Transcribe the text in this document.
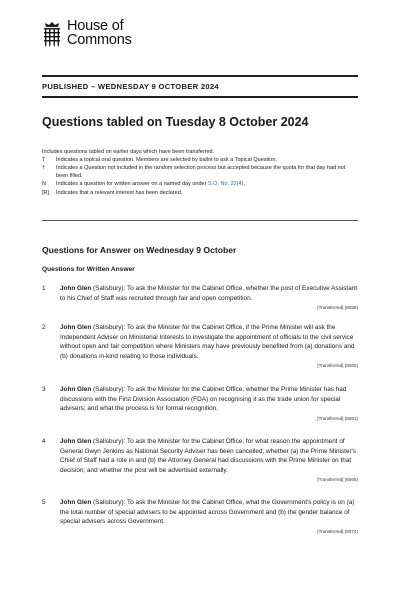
House of
Commons
PUBLISHED – WEDNESDAY 9 OCTOBER 2024
Questions tabled on Tuesday 8 October 2024
Includes questions tabled on earlier days which have been transferred.
T	Indicates a topical oral question. Members are selected by ballot to ask a Topical Question.
†	Indicates a Question not included in the random selection process but accepted because the quota for that day had not been filled.
N	Indicates a question for written answer on a named day under S.O. No. 22(4).
[R]	Indicates that a relevant interest has been declared.
Questions for Answer on Wednesday 9 October
Questions for Written Answer
1	John Glen (Salisbury): To ask the Minister for the Cabinet Office, whether the post of Executive Assistant to his Chief of Staff was recruited through fair and open competition.
[Transferred] (6059)
2	John Glen (Salisbury): To ask the Minister for the Cabinet Office, if the Prime Minister will ask the Independent Adviser on Ministerial Interests to investigate the appointment of officials to the civil service without open and fair competition where Ministers may have previously benefited from (a) donations and (b) donations in-kind relating to those individuals.
[Transferred] (6060)
3	John Glen (Salisbury): To ask the Minister for the Cabinet Office, whether the Prime Minister has had discussions with the First Division Association (FDA) on recognising it as the trade union for special advisers; and what the process is for formal recognition.
[Transferred] (6061)
4	John Glen (Salisbury): To ask the Minister for the Cabinet Office, for what reason the appointment of General Gwyn Jenkins as National Security Adviser has been cancelled; whether (a) the Prime Minister's Chief of Staff had a role in and (b) the Attorney General had discussions with the Prime Minister on that decision; and whether the post will be advertised externally.
[Transferred] (6065)
5	John Glen (Salisbury): To ask the Minister for the Cabinet Office, what the Government's policy is on (a) the total number of special advisers to be appointed across Government and (b) the gender balance of special advisers across Government.
[Transferred] (6074)
